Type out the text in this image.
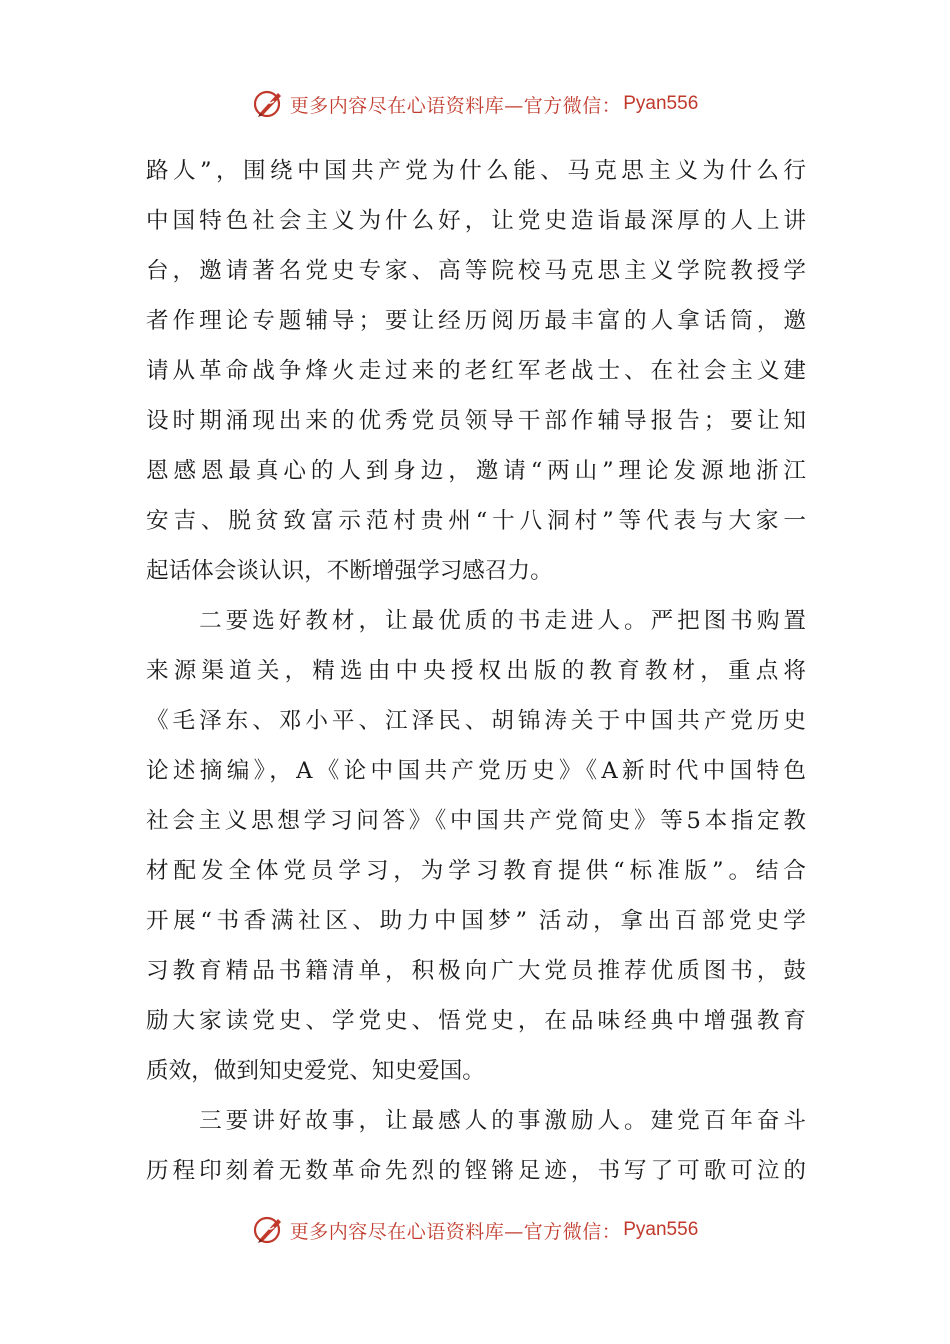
更多内容尽在心语资料库—官方微信： Pyan556
路人”，围绕中国共产党为什么能、马克思主义为什么行
中国特色社会主义为什么好，让党史造诣最深厚的人上讲
台，邀请著名党史专家、高等院校马克思主义学院教授学
者作理论专题辅导；要让经历阅历最丰富的人拿话筒，邀
请从革命战争烽火走过来的老红军老战士、在社会主义建
设时期涌现出来的优秀党员领导干部作辅导报告；要让知
恩感恩最真心的人到身边，邀请“两山”理论发源地浙江
安吉、脱贫致富示范村贵州“十八洞村”等代表与大家一
起话体会谈认识，不断增强学习感召力。
　　二要选好教材，让最优质的书走进人。严把图书购置
来源渠道关，精选由中央授权出版的教育教材，重点将
《毛泽东、邓小平、江泽民、胡锦涛关于中国共产党历史
论述摘编》，A《论中国共产党历史》《A新时代中国特色
社会主义思想学习问答》《中国共产党简史》等5本指定教
材配发全体党员学习，为学习教育提供“标准版”。结合
开展“书香满社区、助力中国梦” 活动，拿出百部党史学
习教育精品书籍清单，积极向广大党员推荐优质图书，鼓
励大家读党史、学党史、悟党史，在品味经典中增强教育
质效，做到知史爱党、知史爱国。
　　三要讲好故事，让最感人的事激励人。建党百年奋斗
历程印刻着无数革命先烈的铿锵足迹，书写了可歌可泣的
更多内容尽在心语资料库—官方微信： Pyan556
